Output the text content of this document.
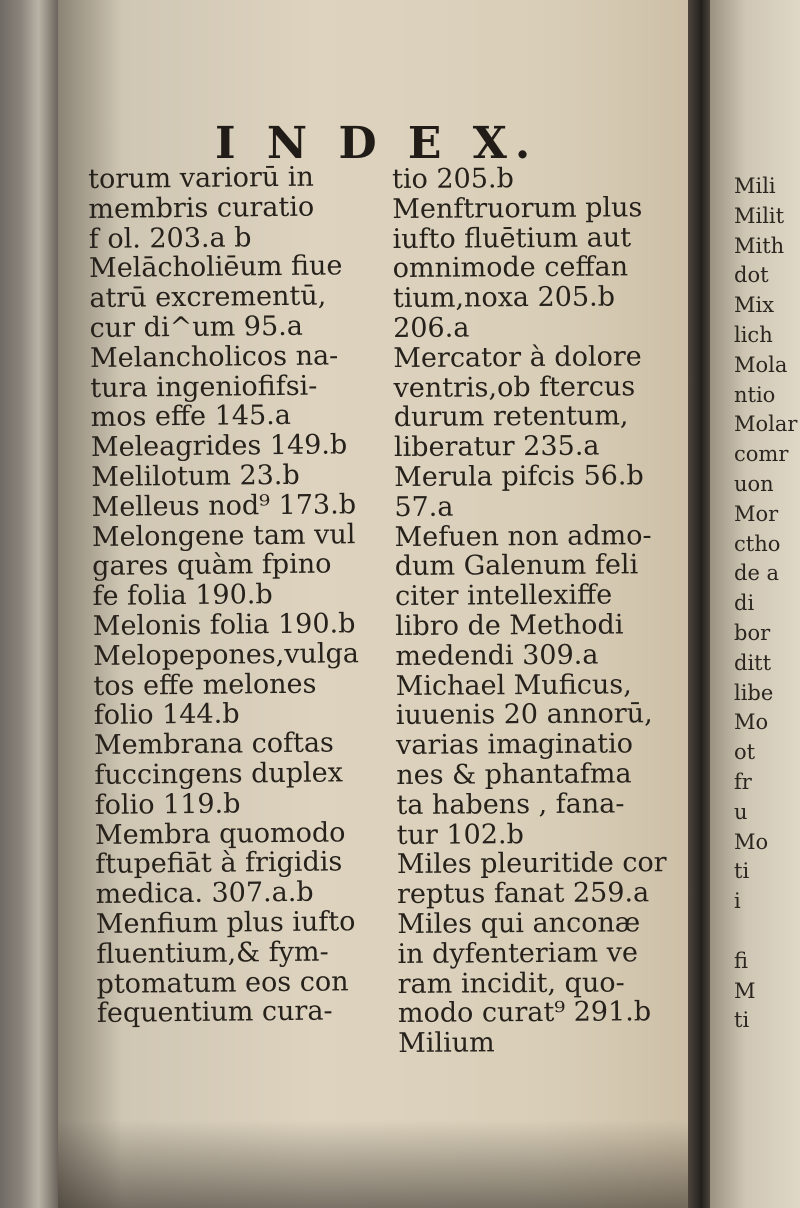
I N D E X.
torum variorū in
membris curatio
f ol. 203.a b
Melācholiēum fiue
atrū excrementū,
cur di^um 95.a
Melancholicos na-
tura ingeniofifsi-
mos effe 145.a
Meleagrides 149.b
Melilotum 23.b
Melleus nod⁹ 173.b
Melongene tam vul
gares quàm fpino
fe folia 190.b
Melonis folia 190.b
Melopepones,vulga
tos effe melones
folio 144.b
Membrana coftas
fuccingens duplex
folio 119.b
Membra quomodo
ftupefiāt à frigidis
medica. 307.a.b
Menfium plus iufto
fluentium,& fym-
ptomatum eos con
fequentium cura-
tio 205.b
Menftruorum plus
iufto fluētium aut
omnimode ceffan
tium,noxa 205.b
206.a
Mercator à dolore
ventris,ob ftercus
durum retentum,
liberatur 235.a
Merula pifcis 56.b
57.a
Mefuen non admo-
dum Galenum feli
citer intellexiffe
libro de Methodi
medendi 309.a
Michael Muficus,
iuuenis 20 annorū,
varias imaginatio
nes & phantafma
ta habens , fana-
tur 102.b
Miles pleuritide cor
reptus fanat 259.a
Miles qui anconæ
in dyfenteriam ve
ram incidit, quo-
modo curat⁹ 291.b
Milium
Mili
Milit
Mith
dot
Mix
lich
Mola
ntio
Molar
comr
uon
Mor
ctho
de a
di
bor
ditt
libe
Mo
ot
fr
u
Mo
ti
i
fi
M
ti
